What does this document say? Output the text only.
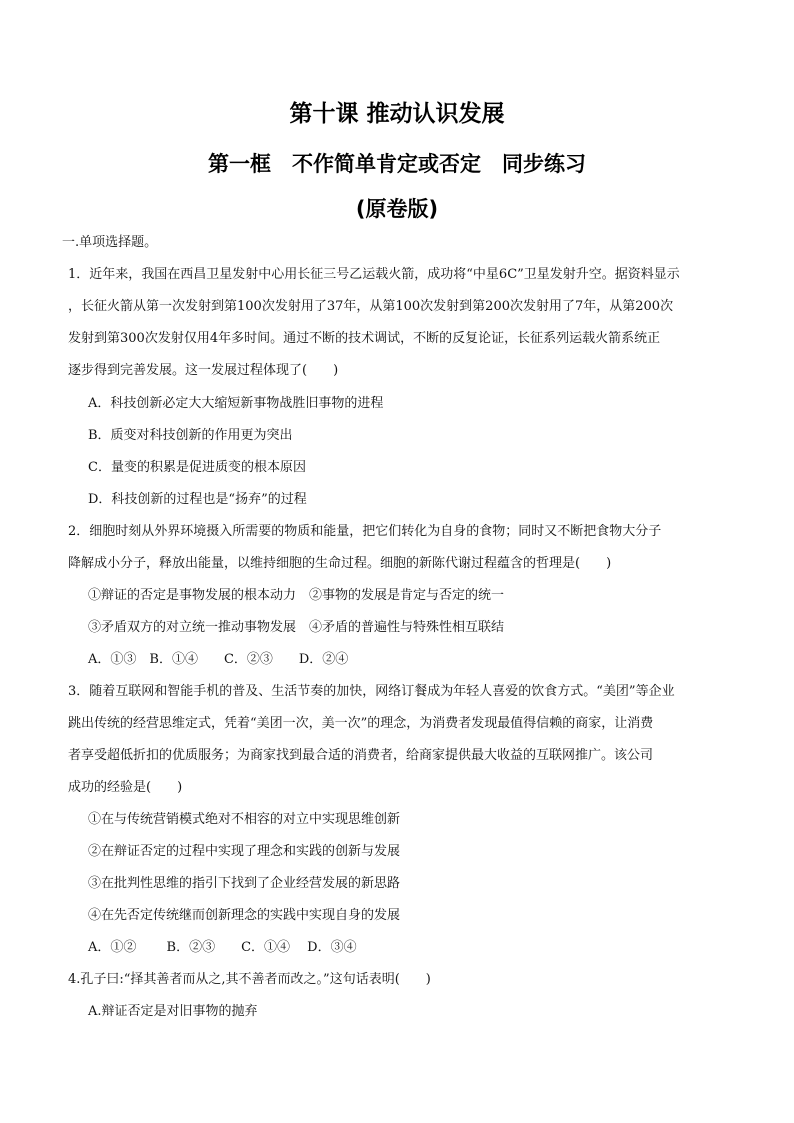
第十课 推动认识发展
第一框　不作简单肯定或否定　同步练习
(原卷版)
一.单项选择题。
1．近年来，我国在西昌卫星发射中心用长征三号乙运载火箭，成功将“中星6C”卫星发射升空。据资料显示
，长征火箭从第一次发射到第100次发射用了37年，从第100次发射到第200次发射用了7年，从第200次
发射到第300次发射仅用4年多时间。通过不断的技术调试，不断的反复论证，长征系列运载火箭系统正
逐步得到完善发展。这一发展过程体现了(　　)
A．科技创新必定大大缩短新事物战胜旧事物的进程
B．质变对科技创新的作用更为突出
C．量变的积累是促进质变的根本原因
D．科技创新的过程也是“扬弃”的过程
2．细胞时刻从外界环境摄入所需要的物质和能量，把它们转化为自身的食物；同时又不断把食物大分子
降解成小分子，释放出能量，以维持细胞的生命过程。细胞的新陈代谢过程蕴含的哲理是(　　)
①辩证的否定是事物发展的根本动力　②事物的发展是肯定与否定的统一
③矛盾双方的对立统一推动事物发展　④矛盾的普遍性与特殊性相互联结
A．①③　B．①④　　C．②③　　D．②④
3．随着互联网和智能手机的普及、生活节奏的加快，网络订餐成为年轻人喜爱的饮食方式。“美团”等企业
跳出传统的经营思维定式，凭着“美团一次，美一次”的理念，为消费者发现最值得信赖的商家，让消费
者享受超低折扣的优质服务；为商家找到最合适的消费者，给商家提供最大收益的互联网推广。该公司
成功的经验是(　　)
①在与传统营销模式绝对不相容的对立中实现思维创新
②在辩证否定的过程中实现了理念和实践的创新与发展
③在批判性思维的指引下找到了企业经营发展的新思路
④在先否定传统继而创新理念的实践中实现自身的发展
A．①②　　 B．②③　　C．①④　 D．③④
4.孔子曰:“择其善者而从之,其不善者而改之。”这句话表明(　　)
A.辩证否定是对旧事物的抛弃
